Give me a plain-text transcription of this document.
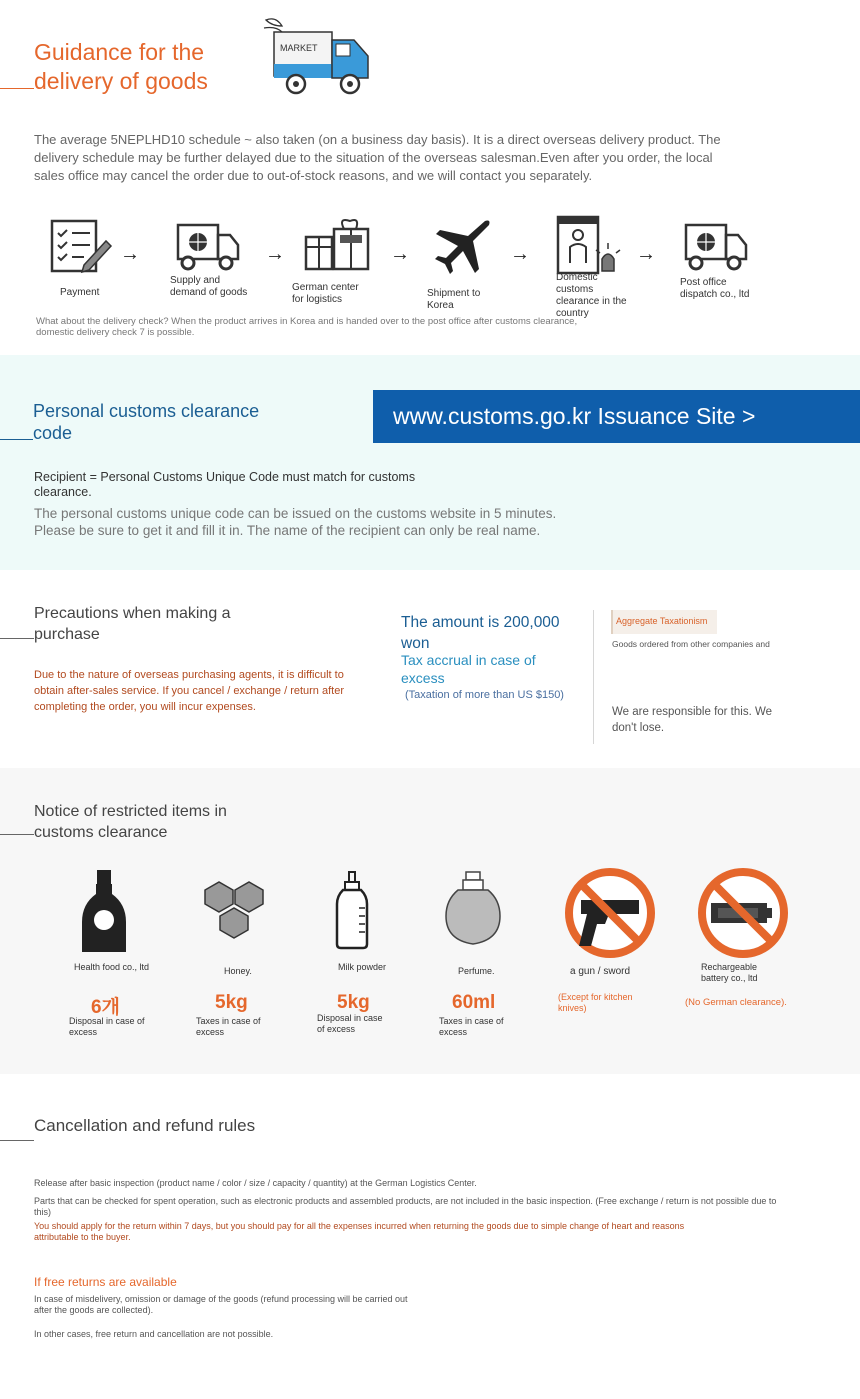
Guidance for the delivery of goods
MARKET
The average 5NEPLHD10 schedule ~ also taken (on a business day basis). It is a direct overseas delivery product. The delivery schedule may be further delayed due to the situation of the overseas salesman.Even after you order, the local sales office may cancel the order due to out-of-stock reasons, and we will contact you separately.
Payment
→
Supply and demand of goods
→
German center for logistics
→
Shipment to Korea
→
Domestic customs clearance in the country
→
Post office dispatch co., ltd
What about the delivery check? When the product arrives in Korea and is handed over to the post office after customs clearance, domestic delivery check 7 is possible.
Personal customs clearance code
www.customs.go.kr Issuance Site >
Recipient = Personal Customs Unique Code must match for customs clearance.
The personal customs unique code can be issued on the customs website in 5 minutes. Please be sure to get it and fill it in. The name of the recipient can only be real name.
Precautions when making a purchase
Due to the nature of overseas purchasing agents, it is difficult to obtain after-sales service. If you cancel / exchange / return after completing the order, you will incur expenses.
The amount is 200,000 won
Tax accrual in case of excess
(Taxation of more than US $150)
Aggregate Taxationism
Goods ordered from other companies and
We are responsible for this. We don't lose.
Notice of restricted items in customs clearance
Health food co., ltd
6개
Disposal in case of excess
Honey.
5kg
Taxes in case of excess
Milk powder
5kg
Disposal in case of excess
Perfume.
60ml
Taxes in case of excess
a gun / sword
(Except for kitchen knives)
Rechargeable battery co., ltd
(No German clearance).
Cancellation and refund rules
Release after basic inspection (product name / color / size / capacity / quantity) at the German Logistics Center.
Parts that can be checked for spent operation, such as electronic products and assembled products, are not included in the basic inspection. (Free exchange / return is not possible due to this)
You should apply for the return within 7 days, but you should pay for all the expenses incurred when returning the goods due to simple change of heart and reasons attributable to the buyer.
If free returns are available
In case of misdelivery, omission or damage of the goods (refund processing will be carried out after the goods are collected).
In other cases, free return and cancellation are not possible.
